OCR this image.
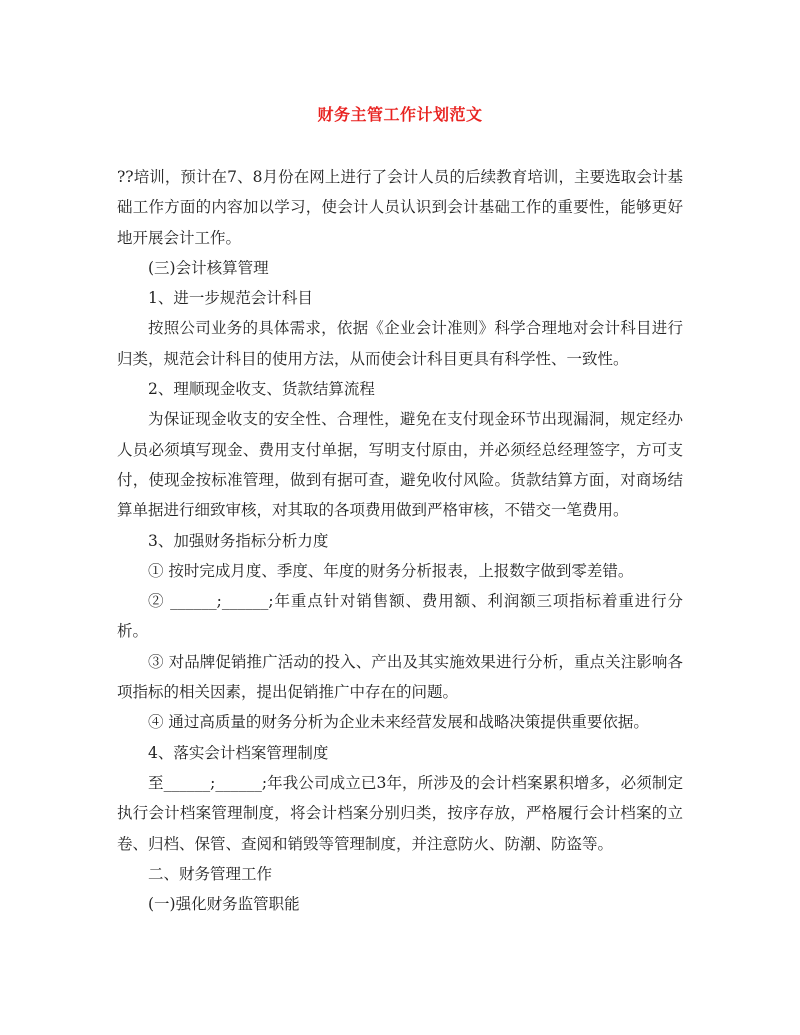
财务主管工作计划范文

??培训，预计在7、8月份在网上进行了会计人员的后续教育培训，主要选取会计基础工作方面的内容加以学习，使会计人员认识到会计基础工作的重要性，能够更好地开展会计工作。

(三)会计核算管理

1、进一步规范会计科目

按照公司业务的具体需求，依据《企业会计准则》科学合理地对会计科目进行归类，规范会计科目的使用方法，从而使会计科目更具有科学性、一致性。

2、理顺现金收支、货款结算流程

为保证现金收支的安全性、合理性，避免在支付现金环节出现漏洞，规定经办人员必须填写现金、费用支付单据，写明支付原由，并必须经总经理签字，方可支付，使现金按标准管理，做到有据可查，避免收付风险。货款结算方面，对商场结算单据进行细致审核，对其取的各项费用做到严格审核，不错交一笔费用。

3、加强财务指标分析力度

① 按时完成月度、季度、年度的财务分析报表，上报数字做到零差错。

② ______;______;年重点针对销售额、费用额、利润额三项指标着重进行分析。

③ 对品牌促销推广活动的投入、产出及其实施效果进行分析，重点关注影响各项指标的相关因素，提出促销推广中存在的问题。

④ 通过高质量的财务分析为企业未来经营发展和战略决策提供重要依据。

4、落实会计档案管理制度

至______;______;年我公司成立已3年，所涉及的会计档案累积增多，必须制定执行会计档案管理制度，将会计档案分别归类，按序存放，严格履行会计档案的立卷、归档、保管、查阅和销毁等管理制度，并注意防火、防潮、防盗等。

二、财务管理工作

(一)强化财务监管职能
